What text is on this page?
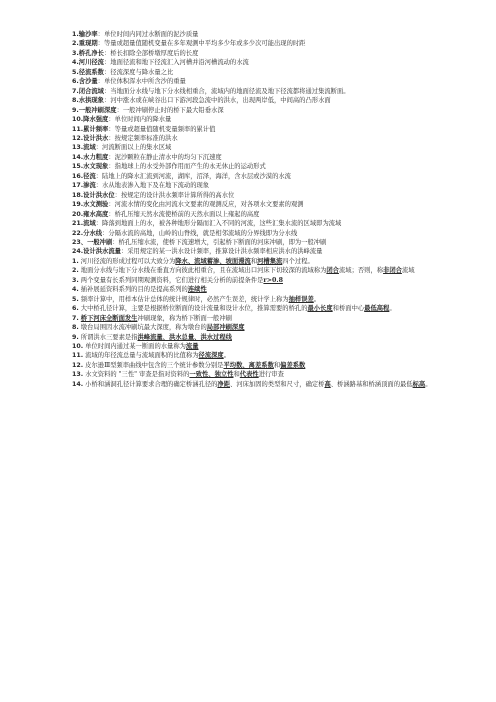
1.输沙率：单位时间内同过水断面的泥沙质量

2.重现期：等量或超量值随机变量在多年观测中平均多少年或多少次可能出现的时距

3.桥孔净长：桥长扣除全部桥墩厚度后的长度

4.河川径流：地面径流和地下径流汇入河槽并沿河槽流动的水流

5.径流系数：径流深度与降水量之比

6.含沙量：单位体积浑水中所含沙的重量

7.闭合流域：当地面分水线与地下分水线相重合，流域内的地面径流及地下径流都将通过集流断面。

8.水拱现象：河中涨水或在峡谷出口下游河段急流中的洪水，出现两岸低，中间高的凸形水面

9.一般冲刷深度：一般冲刷停止时的桥下最大铅垂水深

10.降水强度：单位时间内的降水量

11.累计频率：等量或超量值随机变量频率的累计值

12.设计洪水：按规定频率标准的洪水

13.流域：河流断面以上的集水区域

14.水力粗度：泥沙颗粒在静止清水中的均匀下沉速度

15.水文现象：指地球上的水受外部作用而产生的永无休止的运动形式

16.径流：陆地上的降水汇流到河流，湖库，沼泽，海洋，含水层或沙漠的水流

17.渗流：水从地表渗入地下及在地下流动的现象

18.设计洪水位：按规定的设计洪水频率计算所得的高水位

19.水文测验：河流水情的变化由河流水文要素的观测反应，对各项水文要素的观测

20.雍水高度：桥孔压缩天然水流使桥前的天然水面以上雍起的高度

21.流域：降落到地面上的水，被各种地形分隔而汇入不同的河流，这些汇集水流的区域即为流域

22.分水线：分隔水流的高地，山岭的山脊线，就是相邻流域的分界线即为分水线

23、一般冲刷：桥孔压缩水流，使桥下流速增大，引起桥下断面的河床冲刷，即为一般冲刷

24.设计洪水流量：采用规定的某一洪水设计频率，推算设计洪水频率相应洪水的洪峰流量

1. 河川径流的形成过程可以大致分为降水、流域蓄渗、坡面漫流和河槽集流四个过程。

2. 地面分水线与地下分水线在垂直方向彼此相重合，且在流域出口河床下切较深的流域称为闭合流域；否则，称非闭合流域

3. 两个变量有长系列同期观测资料，它们进行相关分析的前提条件是r>0.8

4. 插补展延资料系列的目的是提高系列的连续性

5. 频率计算中，用样本估计总体的统计规律时，必然产生误差，统计学上称为抽样误差。

6. 大中桥孔径计算，主要是根据桥位断面的设计流量和设计水位，推算需要的桥孔的最小长度和桥面中心最低高程。

7. 桥下河床全断面发生冲刷现象，称为桥下断面一般冲刷

8. 墩台局围因水流冲刷坑最大深度，称为墩台的局部冲刷深度

9. 所谓洪水三要素是指洪峰流量、洪水总量、洪水过程线

10. 单位时间内通过某一断面的水量称为流量

11. 流域的年径流总量与流域面积的比值称为径流深度。

12. 皮尔逊Ⅲ型频率曲线中包含的三个统计参数分别是平均数、离差系数和偏差系数

13. 水文资料的 "三性" 审查是指对资料的一致性、独立性和代表性进行审查

14. 小桥和涵洞孔径计算要求合理的确定桥涵孔径的净距、河床加固的类型和尺寸，确定桥高、桥涵路基和桥涵顶面的最低标高。
